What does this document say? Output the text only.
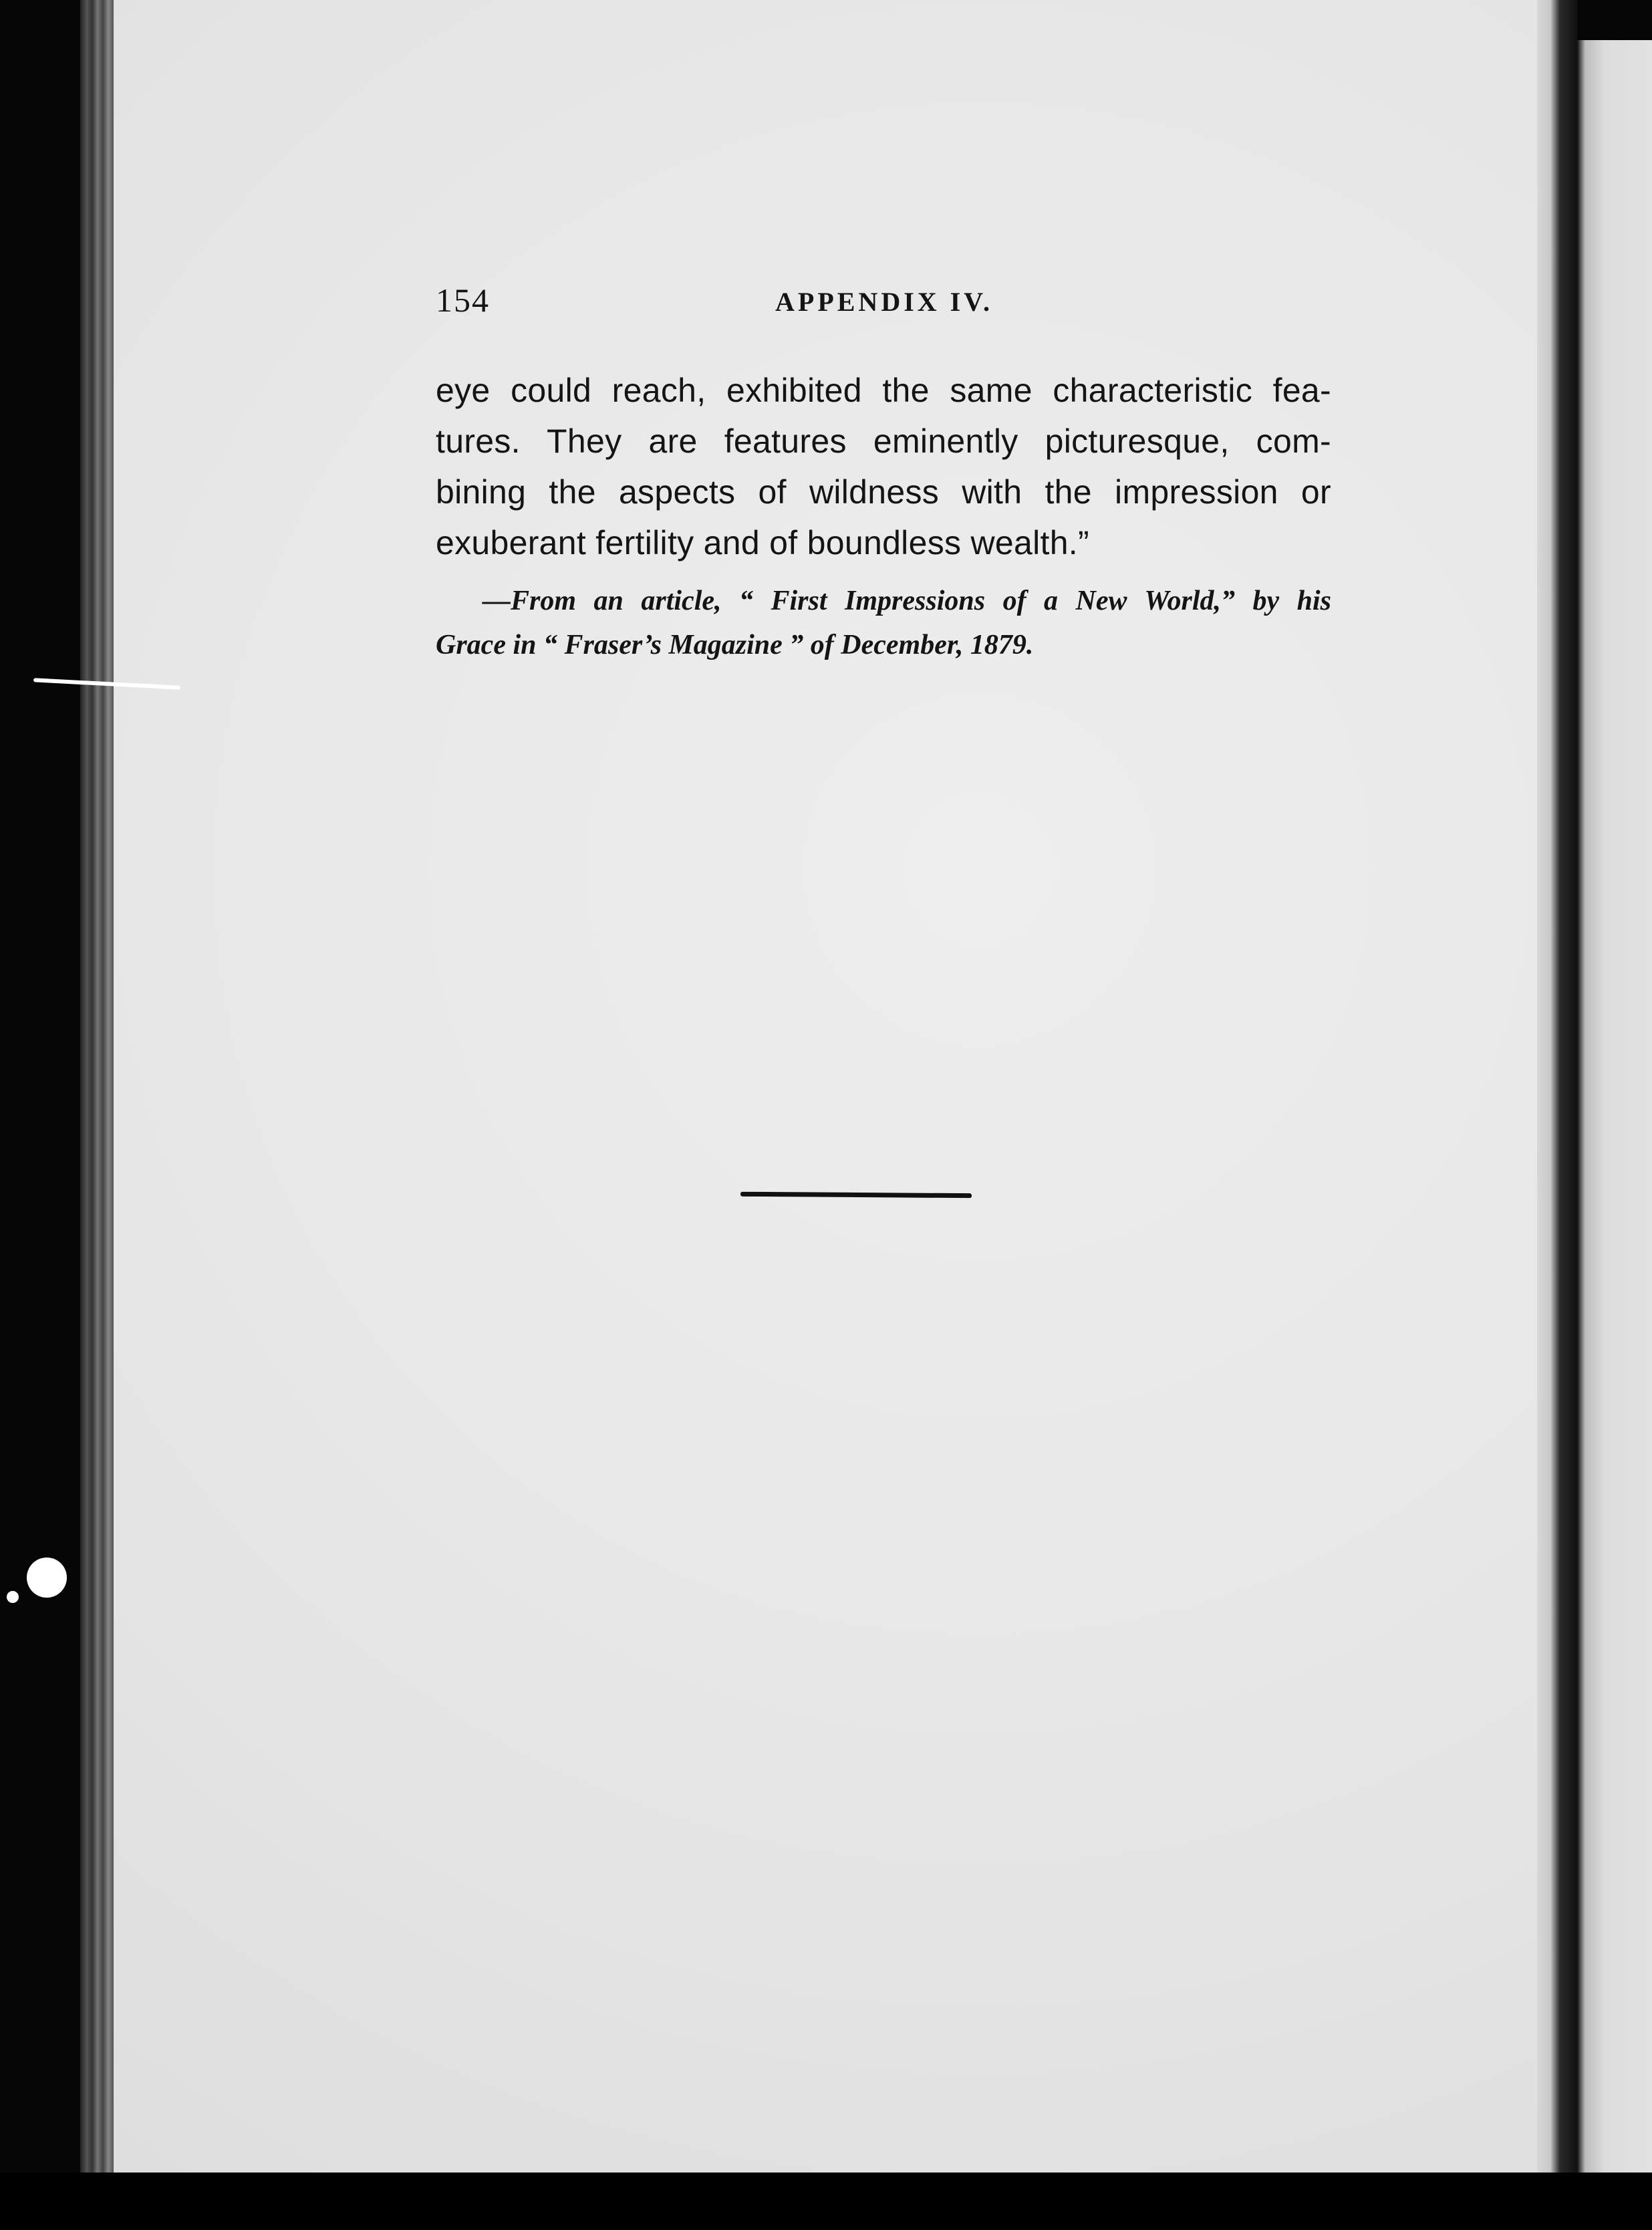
154	APPENDIX IV.
eye could reach, exhibited the same characteristic fea-
tures. They are features eminently picturesque, com-
bining the aspects of wildness with the impression or
exuberant fertility and of boundless wealth.”
—From an article, “ First Impressions of a New World,” by his
Grace in “ Fraser’s Magazine ” of December, 1879.
